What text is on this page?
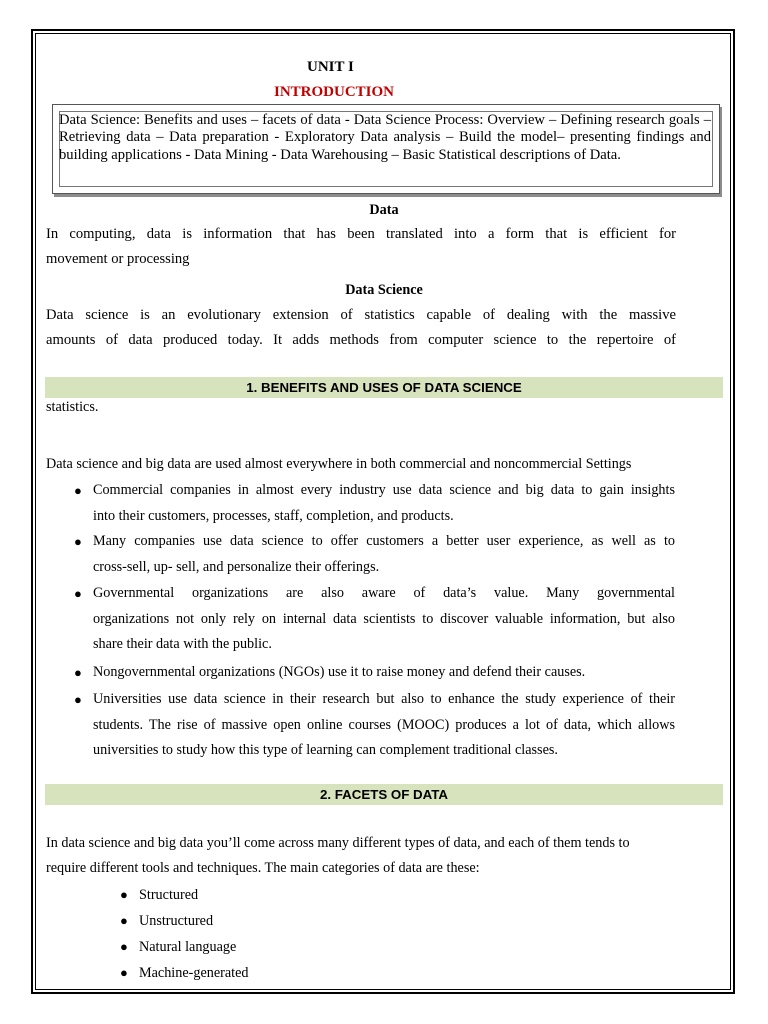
UNIT I
INTRODUCTION
Data Science: Benefits and uses – facets of data - Data Science Process: Overview – Defining research goals – Retrieving data – Data preparation - Exploratory Data analysis – Build the model– presenting findings and building applications - Data Mining - Data Warehousing – Basic Statistical descriptions of Data.
Data
In computing, data is information that has been translated into a form that is efficient for
movement or processing
Data Science
Data science is an evolutionary extension of statistics capable of dealing with the massive
amounts of data produced today. It adds methods from computer science to the repertoire of
1. BENEFITS AND USES OF DATA SCIENCE
statistics.
Data science and big data are used almost everywhere in both commercial and noncommercial Settings
● Commercial companies in almost every industry use data science and big data to gain insights
into their customers, processes, staff, completion, and products.
● Many companies use data science to offer customers a better user experience, as well as to
cross-sell, up- sell, and personalize their offerings.
● Governmental organizations are also aware of data’s value. Many governmental
organizations not only rely on internal data scientists to discover valuable information, but also
share their data with the public.
● Nongovernmental organizations (NGOs) use it to raise money and defend their causes.
● Universities use data science in their research but also to enhance the study experience of their
students. The rise of massive open online courses (MOOC) produces a lot of data, which allows
universities to study how this type of learning can complement traditional classes.
2. FACETS OF DATA
In data science and big data you’ll come across many different types of data, and each of them tends to
require different tools and techniques. The main categories of data are these:
● Structured
● Unstructured
● Natural language
● Machine-generated
